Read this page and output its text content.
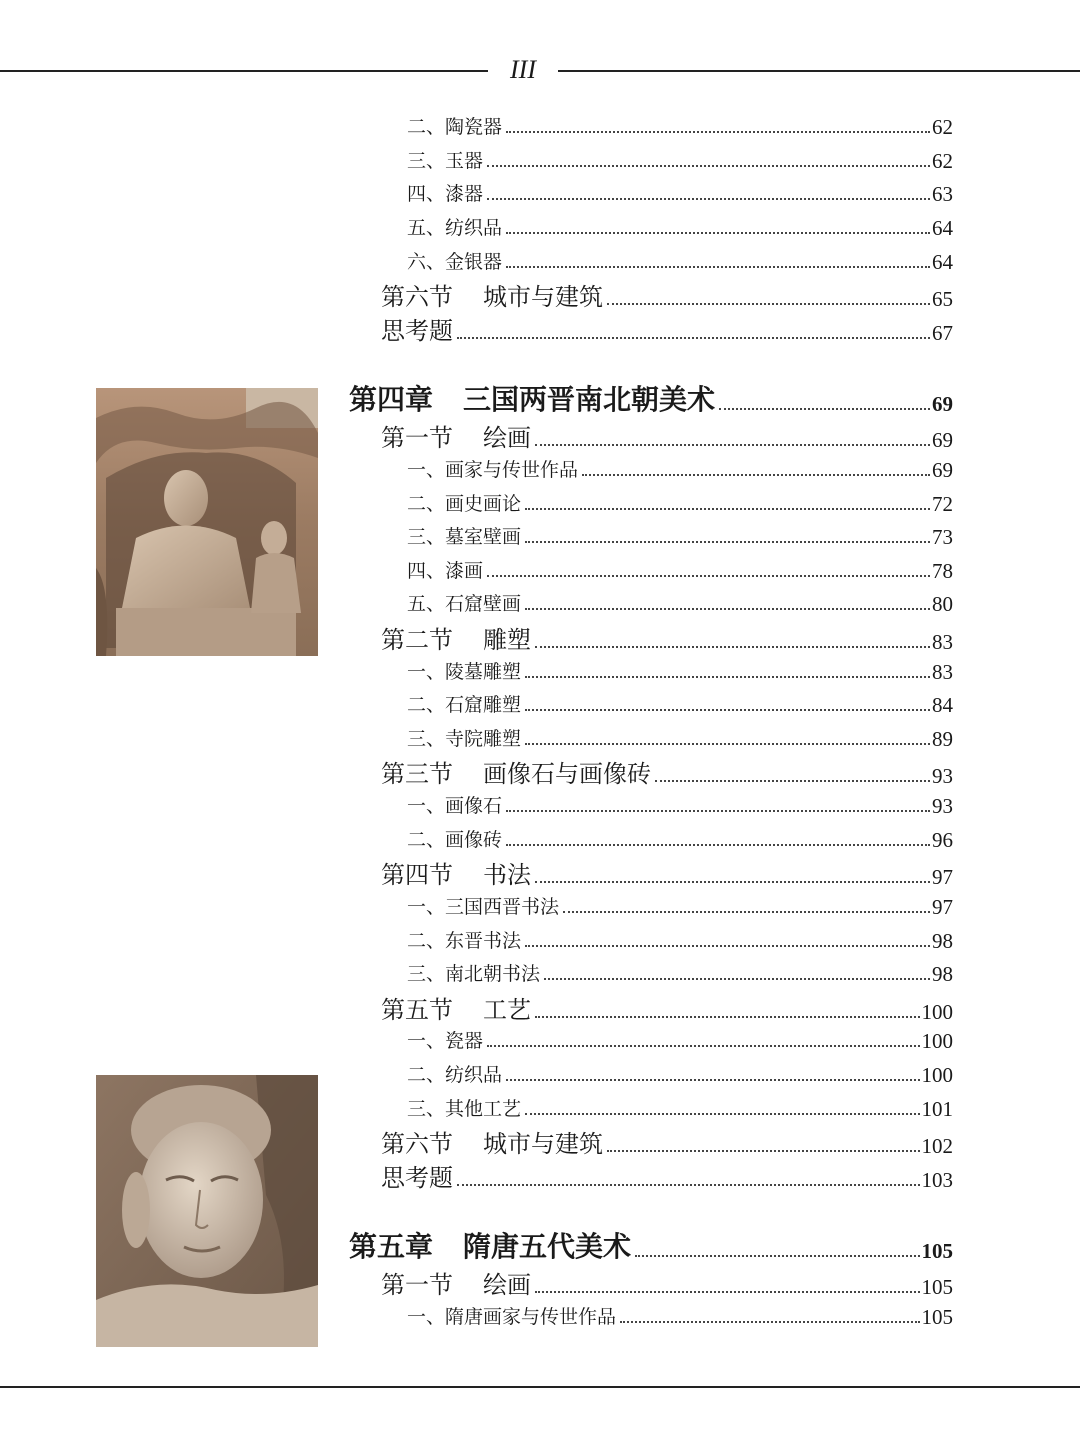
III
二、陶瓷器	62
三、玉器	62
四、漆器	63
五、纺织品	64
六、金银器	64
第六节 城市与建筑	65
思考题	67
第四章 三国两晋南北朝美术	69
第一节 绘画	69
一、画家与传世作品	69
二、画史画论	72
三、墓室壁画	73
四、漆画	78
五、石窟壁画	80
第二节 雕塑	83
一、陵墓雕塑	83
二、石窟雕塑	84
三、寺院雕塑	89
第三节 画像石与画像砖	93
一、画像石	93
二、画像砖	96
第四节 书法	97
一、三国西晋书法	97
二、东晋书法	98
三、南北朝书法	98
第五节 工艺	100
一、瓷器	100
二、纺织品	100
三、其他工艺	101
第六节 城市与建筑	102
思考题	103
第五章 隋唐五代美术	105
第一节 绘画	105
一、隋唐画家与传世作品	105
